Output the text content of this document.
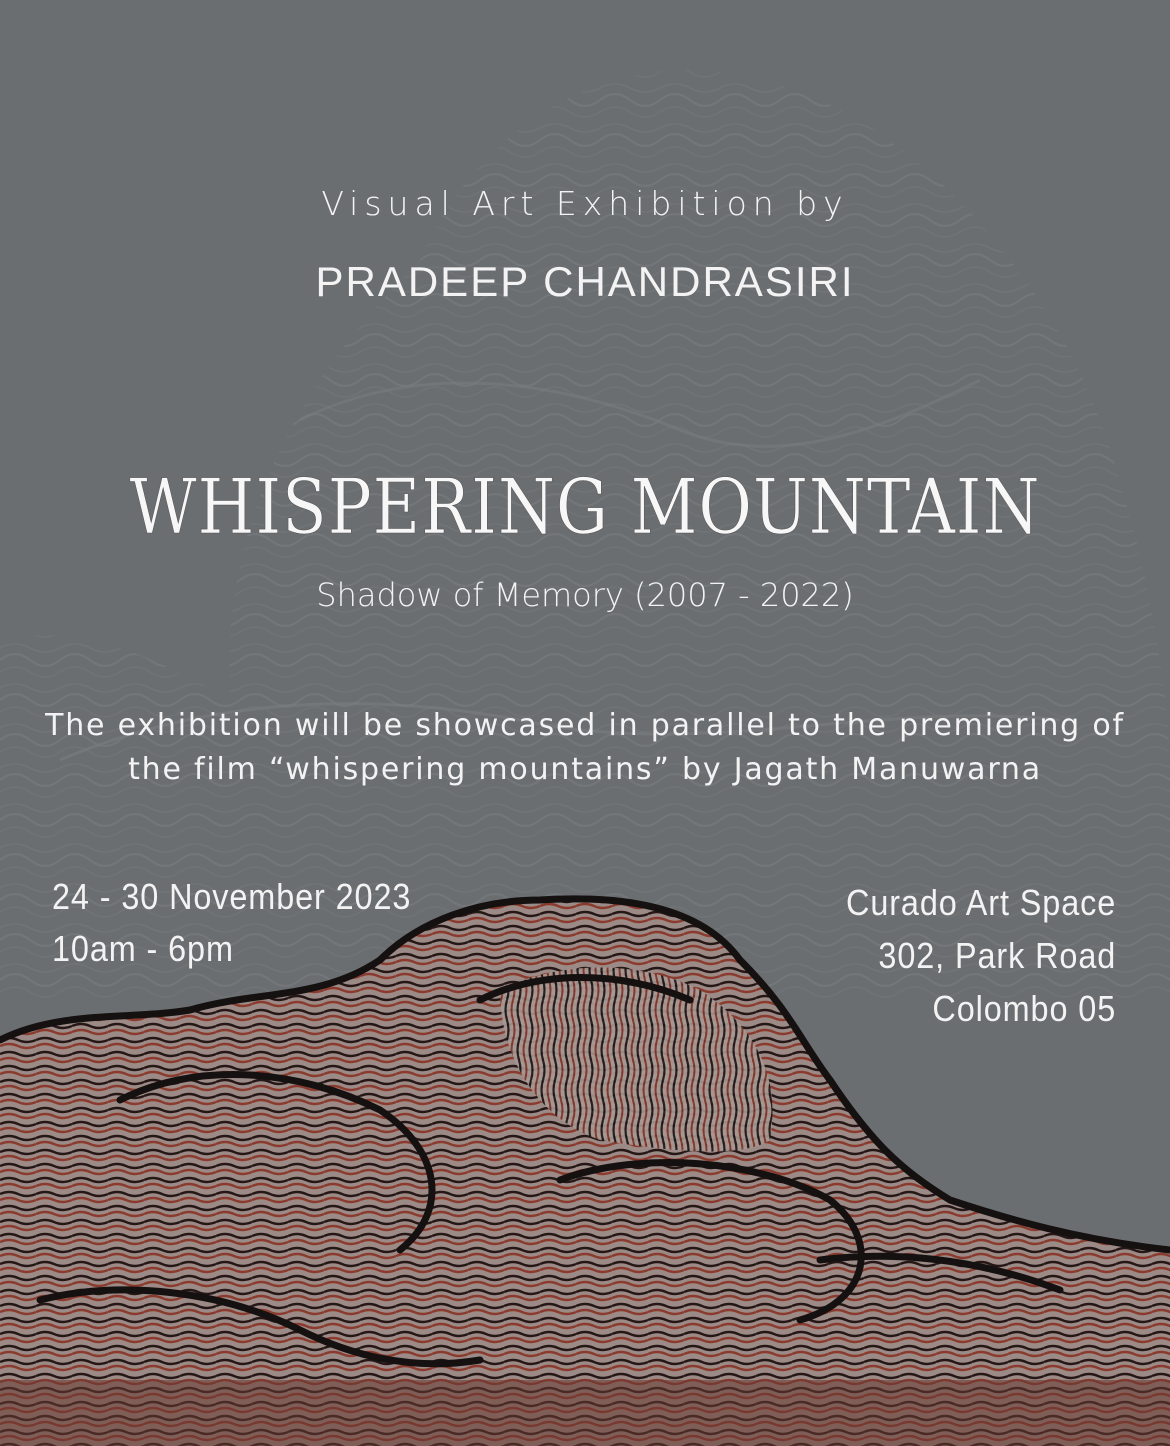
Visual Art Exhibition by

PRADEEP CHANDRASIRI

WHISPERING MOUNTAIN

Shadow of Memory (2007 - 2022)

The exhibition will be showcased in parallel to the premiering of

the film “whispering mountains” by Jagath Manuwarna

24 - 30 November 2023

10am - 6pm

Curado Art Space

302, Park Road

Colombo 05
